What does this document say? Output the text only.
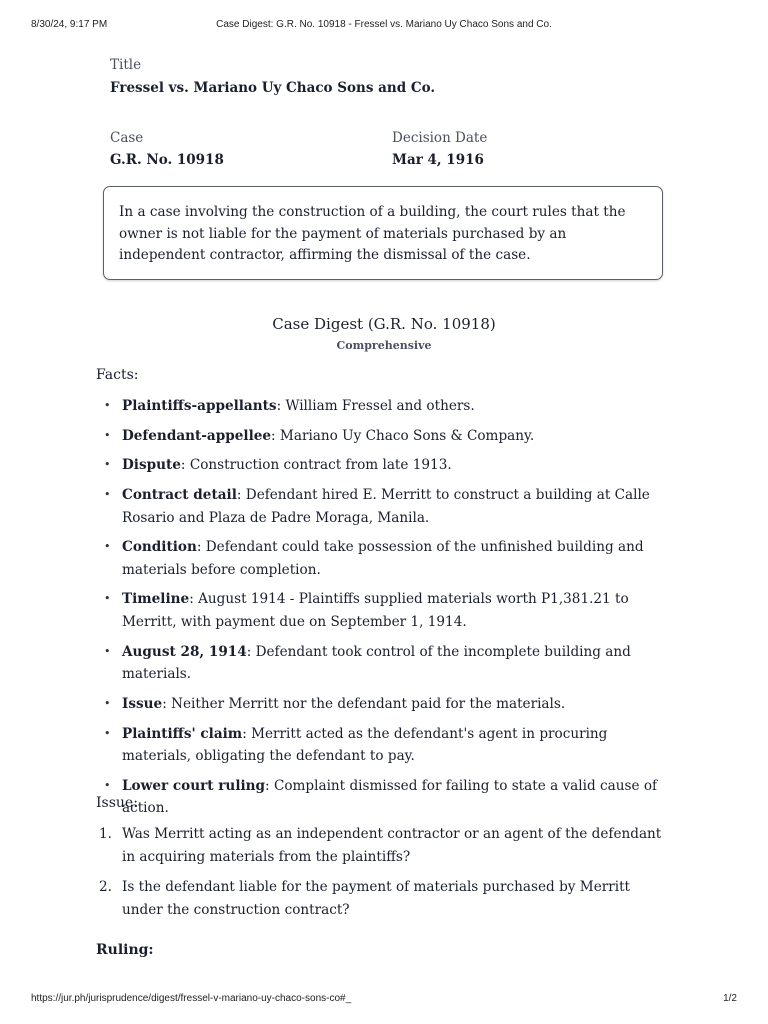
8/30/24, 9:17 PM	Case Digest: G.R. No. 10918 - Fressel vs. Mariano Uy Chaco Sons and Co.
Title
Fressel vs. Mariano Uy Chaco Sons and Co.
Case
G.R. No. 10918
Decision Date
Mar 4, 1916
In a case involving the construction of a building, the court rules that the owner is not liable for the payment of materials purchased by an independent contractor, affirming the dismissal of the case.
Case Digest (G.R. No. 10918)
Comprehensive
Facts:
• Plaintiffs-appellants: William Fressel and others.
• Defendant-appellee: Mariano Uy Chaco Sons & Company.
• Dispute: Construction contract from late 1913.
• Contract detail: Defendant hired E. Merritt to construct a building at Calle Rosario and Plaza de Padre Moraga, Manila.
• Condition: Defendant could take possession of the unfinished building and materials before completion.
• Timeline: August 1914 - Plaintiffs supplied materials worth P1,381.21 to Merritt, with payment due on September 1, 1914.
• August 28, 1914: Defendant took control of the incomplete building and materials.
• Issue: Neither Merritt nor the defendant paid for the materials.
• Plaintiffs' claim: Merritt acted as the defendant's agent in procuring materials, obligating the defendant to pay.
• Lower court ruling: Complaint dismissed for failing to state a valid cause of action.
Issue:
1. Was Merritt acting as an independent contractor or an agent of the defendant in acquiring materials from the plaintiffs?
2. Is the defendant liable for the payment of materials purchased by Merritt under the construction contract?
Ruling:
https://jur.ph/jurisprudence/digest/fressel-v-mariano-uy-chaco-sons-co#_	1/2
